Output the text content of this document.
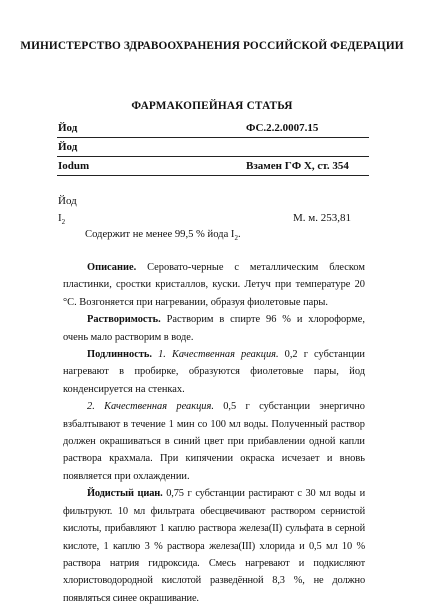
МИНИСТЕРСТВО ЗДРАВООХРАНЕНИЯ РОССИЙСКОЙ ФЕДЕРАЦИИ
ФАРМАКОПЕЙНАЯ СТАТЬЯ
Йод	ФС.2.2.0007.15
Йод
Iodum	Взамен ГФ X, ст. 354
Йод
$I_2$	М. м. 253,81
Содержит не менее 99,5 % йода $I_2$.

Описание. Серовато-черные с металлическим блеском пластинки, сростки кристаллов, куски. Летуч при температуре 20 °С. Возгоняется при нагревании, образуя фиолетовые пары.

Растворимость. Растворим в спирте 96 % и хлороформе, очень мало растворим в воде.

Подлинность. 1. Качественная реакция. 0,2 г субстанции нагревают в пробирке, образуются фиолетовые пары, йод конденсируется на стенках.

2. Качественная реакция. 0,5 г субстанции энергично взбалтывают в течение 1 мин со 100 мл воды. Полученный раствор должен окрашиваться в синий цвет при прибавлении одной капли раствора крахмала. При кипячении окраска исчезает и вновь появляется при охлаждении.

Йодистый циан. 0,75 г субстанции растирают с 30 мл воды и фильтруют. 10 мл фильтрата обесцвечивают раствором сернистой кислоты, прибавляют 1 каплю раствора железа(II) сульфата в серной кислоте, 1 каплю 3 % раствора железа(III) хлорида и 0,5 мл 10 % раствора натрия гидроксида. Смесь нагревают и подкисляют хлористоводородной кислотой разведённой 8,3 %, не должно появляться синее окрашивание.
